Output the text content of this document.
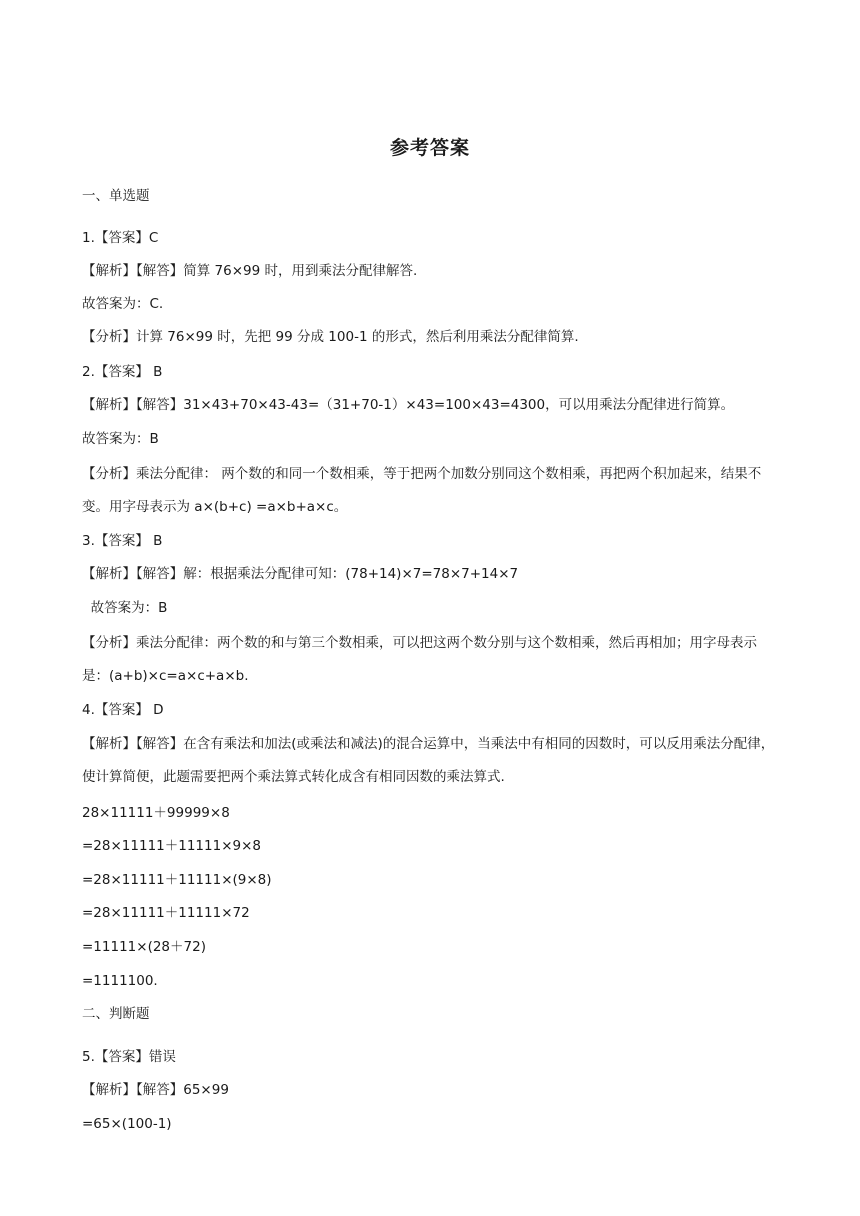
参考答案
一、单选题
1.【答案】C
【解析】【解答】简算 76×99 时，用到乘法分配律解答.
故答案为：C.
【分析】计算 76×99 时，先把 99 分成 100-1 的形式，然后利用乘法分配律简算.
2.【答案】 B
【解析】【解答】31×43+70×43-43=（31+70-1）×43=100×43=4300，可以用乘法分配律进行简算。
故答案为：B
【分析】乘法分配律： 两个数的和同一个数相乘，等于把两个加数分别同这个数相乘，再把两个积加起来，结果不变。用字母表示为 a×(b+c) =a×b+a×c。
3.【答案】 B
【解析】【解答】解：根据乘法分配律可知：(78+14)×7=78×7+14×7
故答案为：B
【分析】乘法分配律：两个数的和与第三个数相乘，可以把这两个数分别与这个数相乘，然后再相加；用字母表示是：(a+b)×c=a×c+a×b.
4.【答案】 D
【解析】【解答】在含有乘法和加法(或乘法和减法)的混合运算中，当乘法中有相同的因数时，可以反用乘法分配律，使计算简便，此题需要把两个乘法算式转化成含有相同因数的乘法算式.
28×11111＋99999×8
=28×11111＋11111×9×8
=28×11111＋11111×(9×8)
=28×11111＋11111×72
=11111×(28＋72)
=1111100.
二、判断题
5.【答案】错误
【解析】【解答】65×99
=65×(100-1)
